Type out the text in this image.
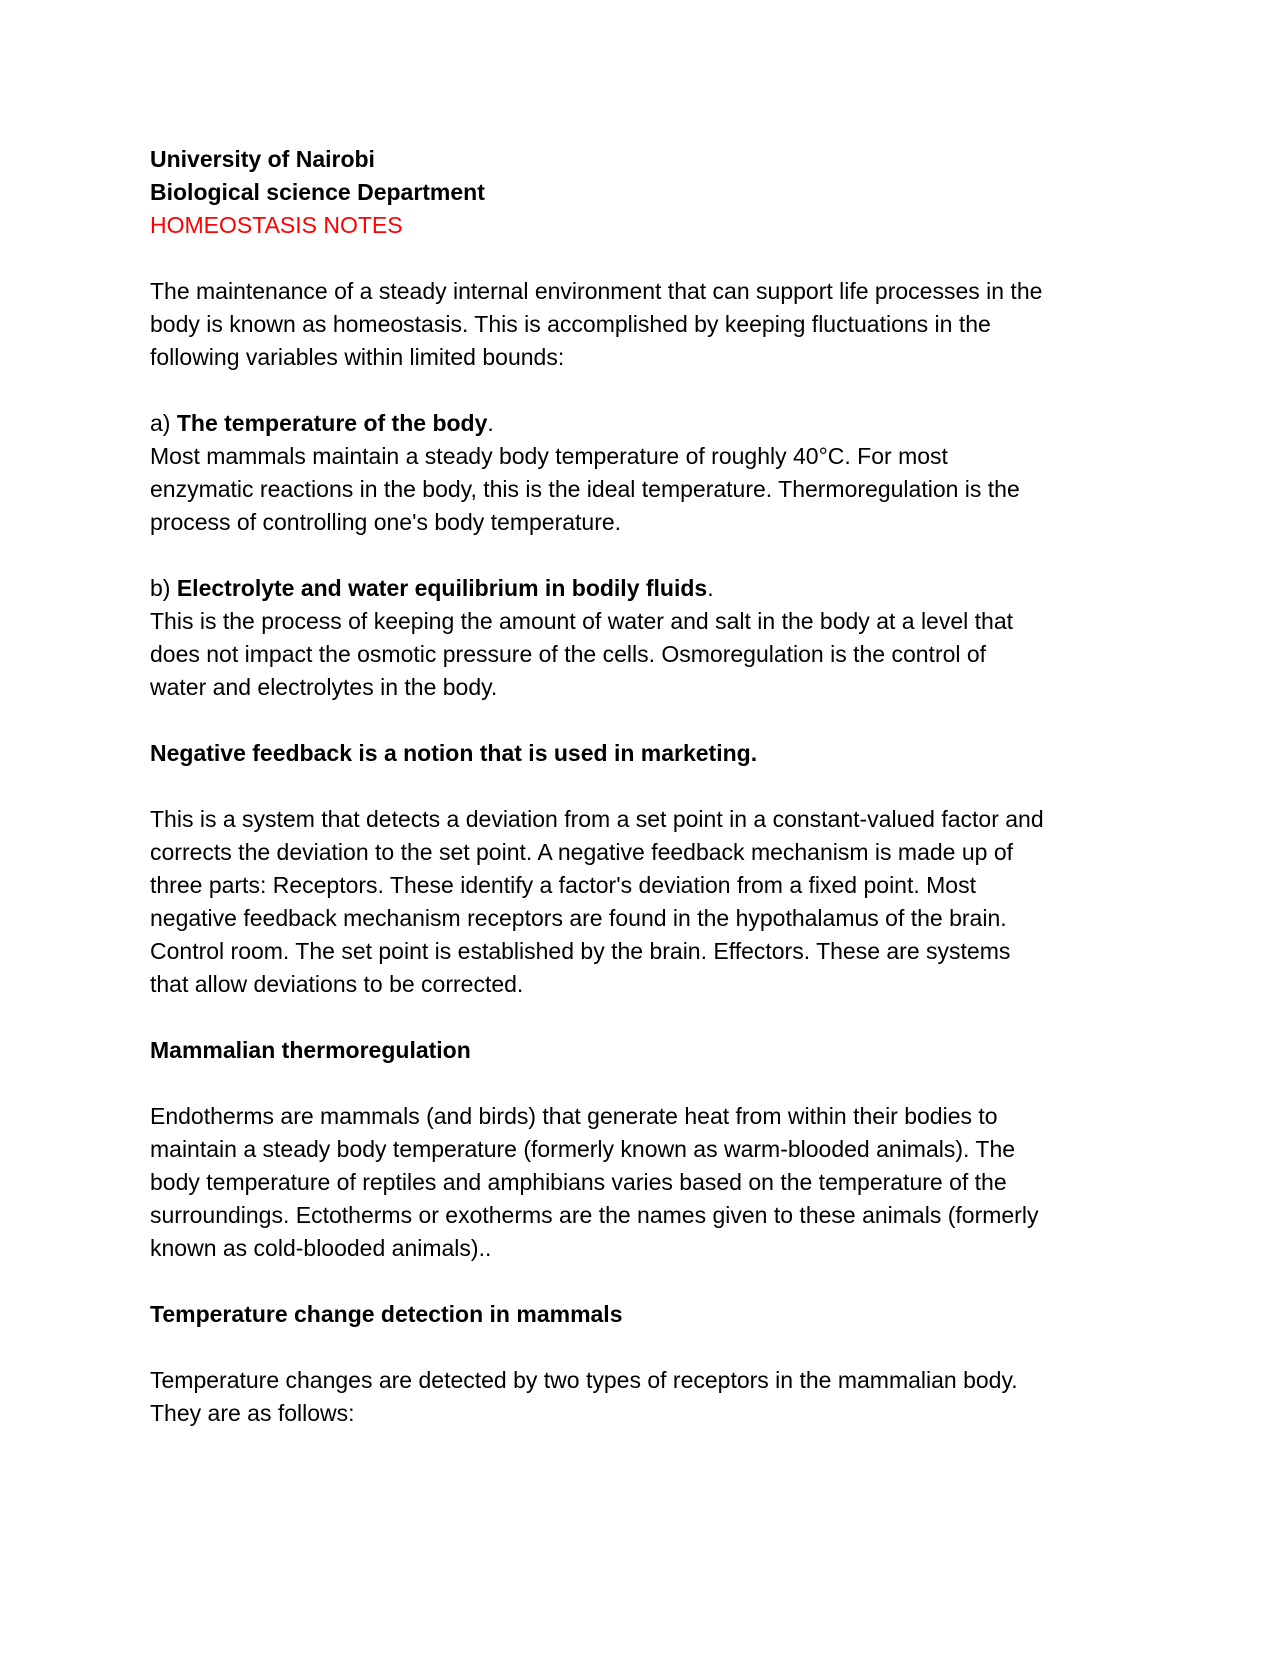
University of Nairobi
Biological science Department
HOMEOSTASIS NOTES
The maintenance of a steady internal environment that can support life processes in the
body is known as homeostasis. This is accomplished by keeping fluctuations in the
following variables within limited bounds:
a) The temperature of the body.
Most mammals maintain a steady body temperature of roughly 40°C. For most
enzymatic reactions in the body, this is the ideal temperature. Thermoregulation is the
process of controlling one's body temperature.
b) Electrolyte and water equilibrium in bodily fluids.
This is the process of keeping the amount of water and salt in the body at a level that
does not impact the osmotic pressure of the cells. Osmoregulation is the control of
water and electrolytes in the body.
Negative feedback is a notion that is used in marketing.
This is a system that detects a deviation from a set point in a constant-valued factor and
corrects the deviation to the set point. A negative feedback mechanism is made up of
three parts: Receptors. These identify a factor's deviation from a fixed point. Most
negative feedback mechanism receptors are found in the hypothalamus of the brain.
Control room. The set point is established by the brain. Effectors. These are systems
that allow deviations to be corrected.
Mammalian thermoregulation
Endotherms are mammals (and birds) that generate heat from within their bodies to
maintain a steady body temperature (formerly known as warm-blooded animals). The
body temperature of reptiles and amphibians varies based on the temperature of the
surroundings. Ectotherms or exotherms are the names given to these animals (formerly
known as cold-blooded animals)..
Temperature change detection in mammals
Temperature changes are detected by two types of receptors in the mammalian body.
They are as follows:
